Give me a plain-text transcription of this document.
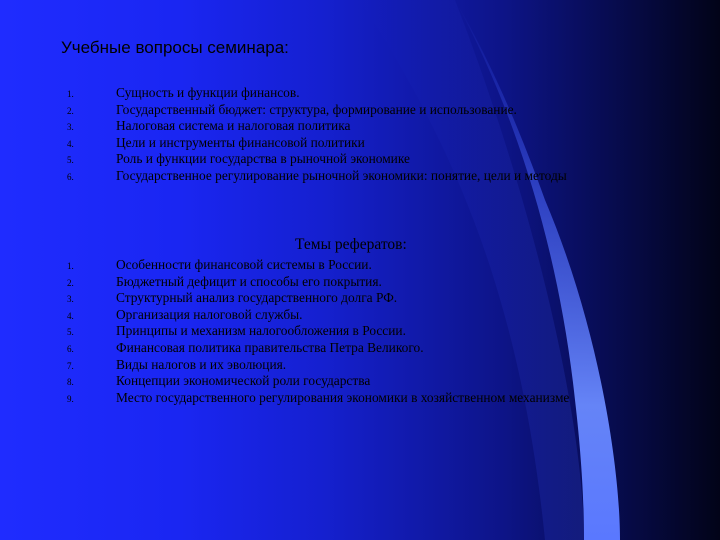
Учебные вопросы семинара:
1.	Сущность и функции финансов.
2.	Государственный бюджет: структура, формирование и использование.
3.	Налоговая система и налоговая политика
4.	Цели и инструменты финансовой политики
5.	Роль и функции государства в рыночной экономике
6.	Государственное регулирование рыночной экономики: понятие, цели и методы
Темы рефератов:
1.	Особенности финансовой системы в России.
2.	Бюджетный дефицит и способы его покрытия.
3.	Структурный анализ государственного долга РФ.
4.	Организация налоговой службы.
5.	Принципы и механизм налогообложения в России.
6.	Финансовая политика правительства Петра Великого.
7.	Виды налогов и их эволюция.
8.	Концепции экономической роли государства
9.	Место государственного регулирования экономики в хозяйственном механизме
